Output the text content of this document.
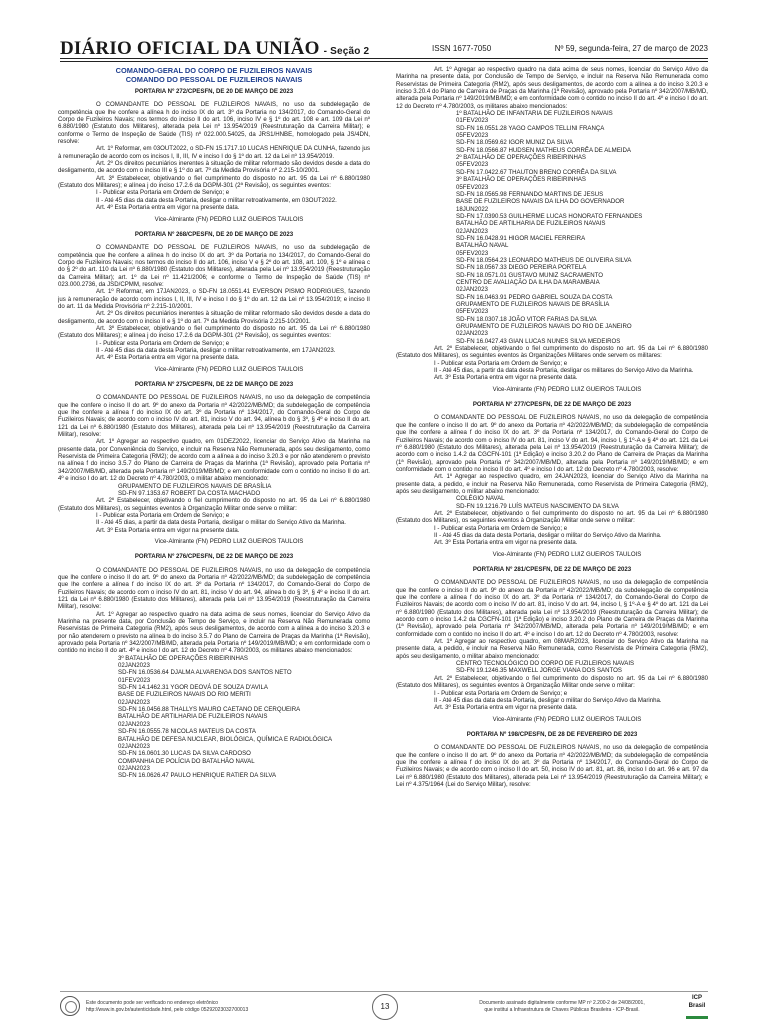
DIÁRIO OFICIAL DA UNIÃO - Seção 2	ISSN 1677-7050	Nº 59, segunda-feira, 27 de março de 2023
COMANDO-GERAL DO CORPO DE FUZILEIROS NAVAIS
COMANDO DO PESSOAL DE FUZILEIROS NAVAIS
PORTARIA Nº 272/CPESFN, DE 20 DE MARÇO DE 2023
O COMANDANTE DO PESSOAL DE FUZILEIROS NAVAIS, no uso da subdelegação de competência que lhe confere a alínea h do inciso IX do art. 3º da Portaria no 134/2017, do Comando-Geral do Corpo de Fuzileiros Navais; nos termos do inciso II do art. 106, inciso IV e § 1º do art. 108 e art. 109 da Lei nº 6.880/1980 (Estatuto dos Militares), alterada pela Lei nº 13.954/2019 (Reestruturação da Carreira Militar); e conforme o Termo de Inspeção de Saúde (TIS) nº 022.000.54025, da JRS1/HNBE, homologado pela JS/4DN, resolve:
Art. 1º Reformar, em 03OUT2022, o SD-FN 15.1717.10 LUCAS HENRIQUE DA CUNHA, fazendo jus à remuneração de acordo com os incisos I, II, III, IV e inciso I do § 1º do art. 12 da Lei nº 13.954/2019.
Art. 2º Os direitos pecuniários inerentes à situação de militar reformado são devidos desde a data do desligamento, de acordo com o inciso III e § 1º do art. 7º da Medida Provisória nº 2.215-10/2001.
Art. 3º Estabelecer, objetivando o fiel cumprimento do disposto no art. 95 da Lei nº 6.880/1980 (Estatuto dos Militares); e alínea j do inciso 17.2.6 da DGPM-301 (2ª Revisão), os seguintes eventos:
I - Publicar esta Portaria em Ordem de Serviço; e
II - Até 45 dias da data desta Portaria, desligar o militar retroativamente, em 03OUT2022.
Art. 4º Esta Portaria entra em vigor na presente data.
Vice-Almirante (FN) PEDRO LUIZ GUEIROS TAULOIS
PORTARIA Nº 268/CPESFN, DE 20 DE MARÇO DE 2023
O COMANDANTE DO PESSOAL DE FUZILEIROS NAVAIS, no uso da subdelegação de competência que lhe confere a alínea h do inciso IX do art. 3º da Portaria no 134/2017, do Comando-Geral do Corpo de Fuzileiros Navais; nos termos do inciso II do art. 106, inciso V e § 2º do art. 108, art. 109, § 1º e alínea c do § 2º do art. 110 da Lei nº 6.880/1980 (Estatuto dos Militares), alterada pela Lei nº 13.954/2019 (Reestruturação da Carreira Militar); art. 1º da Lei nº 11.421/2006; e conforme o Termo de Inspeção de Saúde (TIS) nº 023.000.2736, da JSD/CPMM, resolve:
Art. 1º Reformar, em 17JAN2023, o SD-FN 18.0551.41 EVERSON PISMO RODRIGUES, fazendo jus à remuneração de acordo com incisos I, II, III, IV e inciso I do § 1º do art. 12 da Lei nº 13.954/2019; e inciso II do art. 11 da Medida Provisória nº 2.215-10/2001.
Art. 2º Os direitos pecuniários inerentes à situação de militar reformado são devidos desde a data do desligamento, de acordo com o inciso II e § 1º do art. 7º da Medida Provisória 2.215-10/2001.
Art. 3º Estabelecer, objetivando o fiel cumprimento do disposto no art. 95 da Lei nº 6.880/1980 (Estatuto dos Militares); e alínea j do inciso 17.2.6 da DGPM-301 (2ª Revisão), os seguintes eventos:
I - Publicar esta Portaria em Ordem de Serviço; e
II - Até 45 dias da data desta Portaria, desligar o militar retroativamente, em 17JAN2023.
Art. 4º Esta Portaria entra em vigor na presente data.
Vice-Almirante (FN) PEDRO LUIZ GUEIROS TAULOIS
PORTARIA Nº 275/CPESFN, DE 22 DE MARÇO DE 2023
O COMANDANTE DO PESSOAL DE FUZILEIROS NAVAIS, no uso da delegação de competência que lhe confere o inciso II do art. 9º do anexo da Portaria nº 42/2022/MB/MD; da subdelegação de competência que lhe confere a alínea f do inciso IX do art. 3º da Portaria nº 134/2017, do Comando-Geral do Corpo de Fuzileiros Navais; de acordo com o inciso IV do art. 81, inciso V do art. 94, alínea b do § 3º, § 4º e inciso II do art. 121 da Lei nº 6.880/1980 (Estatuto dos Militares), alterada pela Lei nº 13.954/2019 (Reestruturação da Carreira Militar), resolve:
Art. 1º Agregar ao respectivo quadro, em 01DEZ2022, licenciar do Serviço Ativo da Marinha na presente data, por Conveniência do Serviço, e incluir na Reserva Não Remunerada, após seu desligamento, como Reservista de Primeira Categoria (RM2); de acordo com a alínea a do inciso 3.20.3 e por não atenderem o previsto na alínea f do inciso 3.5.7 do Plano de Carreira de Praças da Marinha (1ª Revisão), aprovado pela Portaria nº 342/2007/MB/MD, alterada pela Portaria nº 149/2019/MB/MD; e em conformidade com o contido no inciso II do art. 4º e inciso I do art. 12 do Decreto nº 4.780/2003, o militar abaixo mencionado:
GRUPAMENTO DE FUZILEIROS NAVAIS DE BRASÍLIA
SD-FN 97.1353.67 ROBERT DA COSTA MACHADO
Art. 2º Estabelecer, objetivando o fiel cumprimento do disposto no art. 95 da Lei nº 6.880/1980 (Estatuto dos Militares), os seguintes eventos à Organização Militar onde serve o militar:
I - Publicar esta Portaria em Ordem de Serviço; e
II - Até 45 dias, a partir da data desta Portaria, desligar o militar do Serviço Ativo da Marinha.
Art. 3º Esta Portaria entra em vigor na presente data.
Vice-Almirante (FN) PEDRO LUIZ GUEIROS TAULOIS
PORTARIA Nº 276/CPESFN, DE 22 DE MARÇO DE 2023
O COMANDANTE DO PESSOAL DE FUZILEIROS NAVAIS, no uso da delegação de competência que lhe confere o inciso II do art. 9º do anexo da Portaria nº 42/2022/MB/MD; da subdelegação de competência que lhe confere a alínea f do inciso IX do art. 3º da Portaria nº 134/2017, do Comando-Geral do Corpo de Fuzileiros Navais; de acordo com o inciso IV do art. 81, inciso V do art. 94, alínea b do § 3º, § 4º e inciso II do art. 121 da Lei nº 6.880/1980 (Estatuto dos Militares), alterada pela Lei nº 13.954/2019 (Reestruturação da Carreira Militar), resolve:
Art. 1º Agregar ao respectivo quadro na data acima de seus nomes, licenciar do Serviço Ativo da Marinha na presente data, por Conclusão de Tempo de Serviço, e incluir na Reserva Não Remunerada como Reservistas de Primeira Categoria (RM2), após seus desligamentos, de acordo com a alínea a do inciso 3.20.3 e por não atenderem o previsto na alínea b do inciso 3.5.7 do Plano de Carreira de Praças da Marinha (1ª Revisão), aprovado pela Portaria nº 342/2007/MB/MD, alterada pela Portaria nº 149/2019/MB/MD; e em conformidade com o contido no inciso II do art. 4º e inciso I do art. 12 do Decreto nº 4.780/2003, os militares abaixo mencionados:
3º BATALHÃO DE OPERAÇÕES RIBEIRINHAS
02JAN2023
SD-FN 16.0536.64 DJALMA ALVARENGA DOS SANTOS NETO
01FEV2023
SD-FN 14.1462.31 YGOR DEOVÁ DE SOUZA D'AVILA
BASE DE FUZILEIROS NAVAIS DO RIO MERITI
02JAN2023
SD-FN 16.0456.88 THALLYS MAURO CAETANO DE CERQUEIRA
BATALHÃO DE ARTILHARIA DE FUZILEIROS NAVAIS
02JAN2023
SD-FN 16.0555.78 NICOLAS MATEUS DA COSTA
BATALHÃO DE DEFESA NUCLEAR, BIOLÓGICA, QUÍMICA E RADIOLÓGICA
02JAN2023
SD-FN 16.0601.30 LUCAS DA SILVA CARDOSO
COMPANHIA DE POLÍCIA DO BATALHÃO NAVAL
02JAN2023
SD-FN 16.0626.47 PAULO HENRIQUE RATIER DA SILVA
Art. 1º Agregar ao respectivo quadro na data acima de seus nomes, licenciar do Serviço Ativo da Marinha na presente data, por Conclusão de Tempo de Serviço, e incluir na Reserva Não Remunerada como Reservistas de Primeira Categoria (RM2), após seus desligamentos, de acordo com a alínea a do inciso 3.20.3 e inciso 3.20.4 do Plano de Carreira de Praças da Marinha (1ª Revisão), aprovado pela Portaria nº 342/2007/MB/MD, alterada pela Portaria nº 149/2019/MB/MD; e em conformidade com o contido no inciso II do art. 4º e inciso I do art. 12 do Decreto nº 4.780/2003, os militares abaixo mencionados:
1º BATALHÃO DE INFANTARIA DE FUZILEIROS NAVAIS
01FEV2023
SD-FN 16.0551.28 YAGO CAMPOS TELLINI FRANÇA
05FEV2023
SD-FN 18.0569.62 IGOR MUNIZ DA SILVA
SD-FN 18.0566.87 HUDSEN MATHEUS CORRÊA DE ALMEIDA
2º BATALHÃO DE OPERAÇÕES RIBEIRINHAS
05FEV2023
SD-FN 17.0422.67 THAUTON BRENO CORRÊA DA SILVA
3º BATALHÃO DE OPERAÇÕES RIBEIRINHAS
05FEV2023
SD-FN 18.0565.98 FERNANDO MARTINS DE JESUS
BASE DE FUZILEIROS NAVAIS DA ILHA DO GOVERNADOR
18JUN2022
SD-FN 17.0390.53 GUILHERME LUCAS HONORATO FERNANDES
BATALHÃO DE ARTILHARIA DE FUZILEIROS NAVAIS
02JAN2023
SD-FN 16.0428.91 HIGOR MACIEL FERREIRA
BATALHÃO NAVAL
05FEV2023
SD-FN 18.0564.23 LEONARDO MATHEUS DE OLIVEIRA SILVA
SD-FN 18.0567.33 DIEGO PEREIRA PORTELA
SD-FN 18.0571.01 GUSTAVO MUNIZ SACRAMENTO
CENTRO DE AVALIAÇÃO DA ILHA DA MARAMBAIA
02JAN2023
SD-FN 16.0463.91 PEDRO GABRIEL SOUZA DA COSTA
GRUPAMENTO DE FUZILEIROS NAVAIS DE BRASÍLIA
05FEV2023
SD-FN 18.0307.18 JOÃO VITOR FARIAS DA SILVA
GRUPAMENTO DE FUZILEIROS NAVAIS DO RIO DE JANEIRO
02JAN2023
SD-FN 16.0427.43 GIAN LUCAS NUNES SILVA MEDEIROS
Art. 2º Estabelecer, objetivando o fiel cumprimento do disposto no art. 95 da Lei nº 6.880/1980 (Estatuto dos Militares), os seguintes eventos às Organizações Militares onde servem os militares:
I - Publicar esta Portaria em Ordem de Serviço; e
II - Até 45 dias, a partir da data desta Portaria, desligar os militares do Serviço Ativo da Marinha.
Art. 3º Esta Portaria entra em vigor na presente data.
Vice-Almirante (FN) PEDRO LUIZ GUEIROS TAULOIS
PORTARIA Nº 277/CPESFN, DE 22 DE MARÇO DE 2023
O COMANDANTE DO PESSOAL DE FUZILEIROS NAVAIS, no uso da delegação de competência que lhe confere o inciso II do art. 9º do anexo da Portaria nº 42/2022/MB/MD; da subdelegação de competência que lhe confere a alínea f do inciso IX do art. 3º da Portaria nº 134/2017, do Comando-Geral do Corpo de Fuzileiros Navais; de acordo com o inciso IV do art. 81, inciso V do art. 94, inciso I, § 1º-A e § 4º do art. 121 da Lei nº 6.880/1980 (Estatuto dos Militares), alterada pela Lei nº 13.954/2019 (Reestruturação da Carreira Militar); de acordo com o inciso 1.4.2 da CGCFN-101 (1ª Edição) e inciso 3.20.2 do Plano de Carreira de Praças da Marinha (1ª Revisão), aprovado pela Portaria nº 342/2007/MB/MD, alterada pela Portaria nº 149/2019/MB/MD; e em conformidade com o contido no inciso II do art. 4º e inciso I do art. 12 do Decreto nº 4.780/2003, resolve:
Art. 1º Agregar ao respectivo quadro, em 24JAN2023, licenciar do Serviço Ativo da Marinha na presente data, a pedido, e incluir na Reserva Não Remunerada, como Reservista de Primeira Categoria (RM2), após seu desligamento, o militar abaixo mencionado:
COLÉGIO NAVAL
SD-FN 19.1216.79 LUÍS MATEUS NASCIMENTO DA SILVA
Art. 2º Estabelecer, objetivando o fiel cumprimento do disposto no art. 95 da Lei nº 6.880/1980 (Estatuto dos Militares), os seguintes eventos à Organização Militar onde serve o militar:
I - Publicar esta Portaria em Ordem de Serviço; e
II - Até 45 dias da data desta Portaria, desligar o militar do Serviço Ativo da Marinha.
Art. 3º Esta Portaria entra em vigor na presente data.
Vice-Almirante (FN) PEDRO LUIZ GUEIROS TAULOIS
PORTARIA Nº 281/CPESFN, DE 22 DE MARÇO DE 2023
O COMANDANTE DO PESSOAL DE FUZILEIROS NAVAIS, no uso da delegação de competência que lhe confere o inciso II do art. 9º do anexo da Portaria nº 42/2022/MB/MD; da subdelegação de competência que lhe confere a alínea f do inciso IX do art. 3º da Portaria nº 134/2017, do Comando-Geral do Corpo de Fuzileiros Navais; de acordo com o inciso IV do art. 81, inciso V do art. 94, inciso I, § 1º-A e § 4º do art. 121 da Lei nº 6.880/1980 (Estatuto dos Militares), alterada pela Lei nº 13.954/2019 (Reestruturação da Carreira Militar); de acordo com o inciso 1.4.2 da CGCFN-101 (1ª Edição) e inciso 3.20.2 do Plano de Carreira de Praças da Marinha (1ª Revisão), aprovado pela Portaria nº 342/2007/MB/MD, alterada pela Portaria nº 149/2019/MB/MD; e em conformidade com o contido no inciso II do art. 4º e inciso I do art. 12 do Decreto nº 4.780/2003, resolve:
Art. 1º Agregar ao respectivo quadro, em 08MAR2023, licenciar do Serviço Ativo da Marinha na presente data, a pedido, e incluir na Reserva Não Remunerada, como Reservista de Primeira Categoria (RM2), após seu desligamento, o militar abaixo mencionado:
CENTRO TECNOLÓGICO DO CORPO DE FUZILEIROS NAVAIS
SD-FN 19.1246.35 MAXWELL JORGE VIANA DOS SANTOS
Art. 2º Estabelecer, objetivando o fiel cumprimento do disposto no art. 95 da Lei nº 6.880/1980 (Estatuto dos Militares), os seguintes eventos à Organização Militar onde serve o militar:
I - Publicar esta Portaria em Ordem de Serviço; e
II - Até 45 dias da data desta Portaria, desligar o militar do Serviço Ativo da Marinha.
Art. 3º Esta Portaria entra em vigor na presente data.
Vice-Almirante (FN) PEDRO LUIZ GUEIROS TAULOIS
PORTARIA Nº 198/CPESFN, DE 28 DE FEVEREIRO DE 2023
O COMANDANTE DO PESSOAL DE FUZILEIROS NAVAIS, no uso da delegação de competência que lhe confere o inciso II do art. 9º do anexo da Portaria nº 42/2022/MB/MD; da subdelegação de competência que lhe confere a alínea f do inciso IX do art. 3º da Portaria nº 134/2017, do Comando-Geral do Corpo de Fuzileiros Navais; e de acordo com o inciso II do art. 50, inciso IV do art. 81, art. 86, inciso I do art. 96 e art. 97 da Lei nº 6.880/1980 (Estatuto dos Militares), alterada pela Lei nº 13.954/2019 (Reestruturação da Carreira Militar); e Lei nº 4.375/1964 (Lei do Serviço Militar), resolve:
Este documento pode ser verificado no endereço eletrônico
http://www.in.gov.br/autenticidade.html, pelo código 05292023032700013	13	Documento assinado digitalmente conforme MP nº 2.200-2 de 24/08/2001,
que institui a Infraestrutura de Chaves Públicas Brasileira - ICP-Brasil.
ICP
Brasil
